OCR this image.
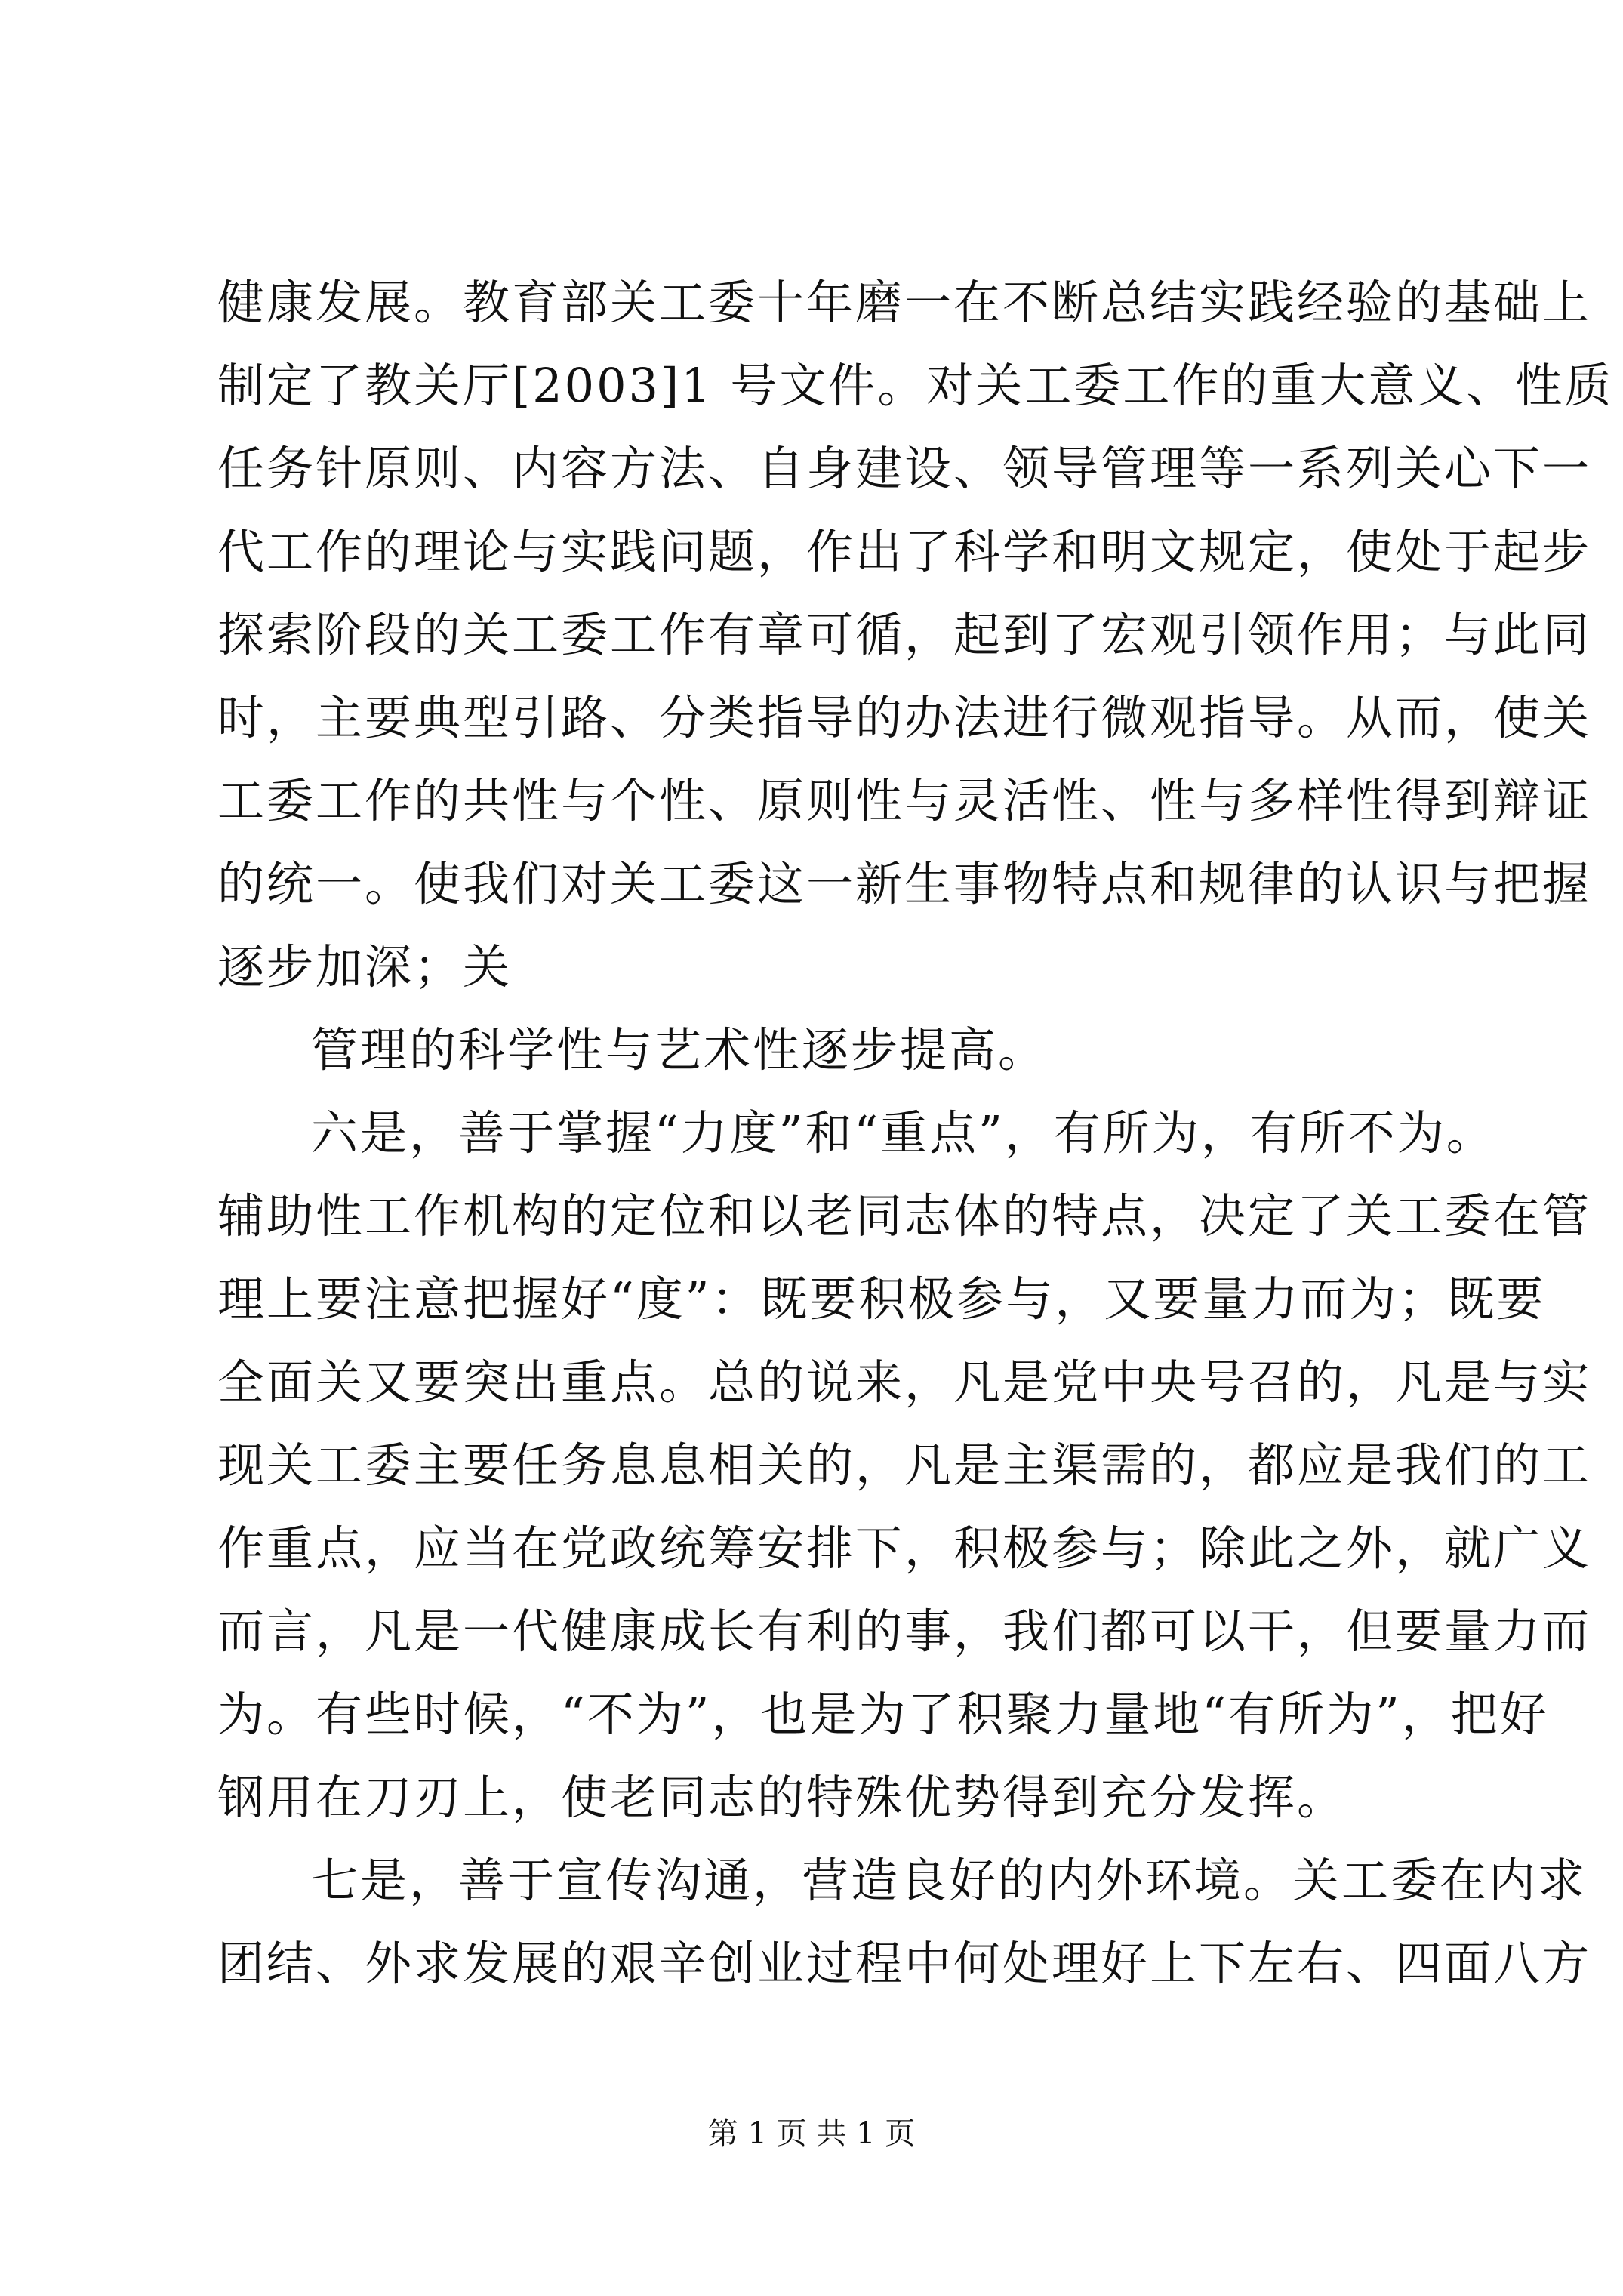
健康发展。教育部关工委十年磨一在不断总结实践经验的基础上
制定了教关厅[2003]1 号文件。对关工委工作的重大意义、性质
任务针原则、内容方法、自身建设、领导管理等一系列关心下一
代工作的理论与实践问题，作出了科学和明文规定，使处于起步
探索阶段的关工委工作有章可循，起到了宏观引领作用；与此同
时，主要典型引路、分类指导的办法进行微观指导。从而，使关
工委工作的共性与个性、原则性与灵活性、性与多样性得到辩证
的统一。使我们对关工委这一新生事物特点和规律的认识与把握
逐步加深；关
管理的科学性与艺术性逐步提高。
六是，善于掌握“力度”和“重点”，有所为，有所不为。
辅助性工作机构的定位和以老同志体的特点，决定了关工委在管
理上要注意把握好“度”：既要积极参与，又要量力而为；既要
全面关又要突出重点。总的说来，凡是党中央号召的，凡是与实
现关工委主要任务息息相关的，凡是主渠需的，都应是我们的工
作重点，应当在党政统筹安排下，积极参与；除此之外，就广义
而言，凡是一代健康成长有利的事，我们都可以干，但要量力而
为。有些时候，“不为”，也是为了积聚力量地“有所为”，把好
钢用在刀刃上，使老同志的特殊优势得到充分发挥。
七是，善于宣传沟通，营造良好的内外环境。关工委在内求
团结、外求发展的艰辛创业过程中何处理好上下左右、四面八方
第 1 页 共 1 页
